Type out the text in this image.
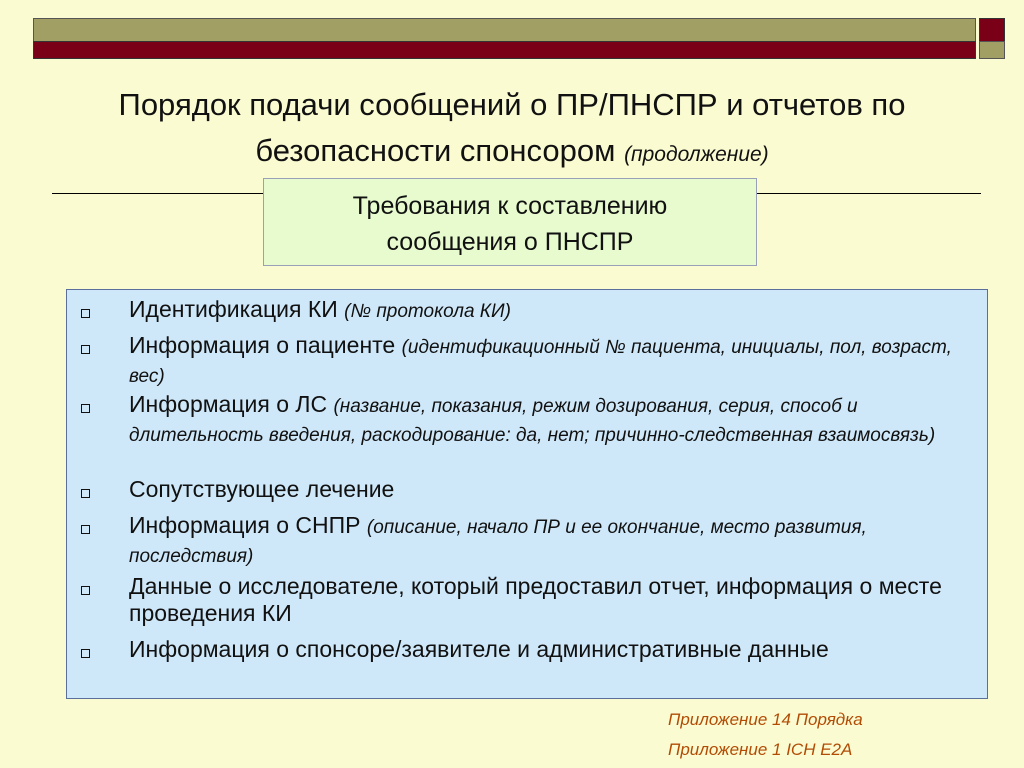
Порядок подачи сообщений о ПР/ПНСПР и отчетов по
безопасности спонсором (продолжение)
Требования к составлению
сообщения о ПНСПР
Идентификация КИ (№ протокола КИ)
Информация о пациенте (идентификационный № пациента, инициалы, пол, возраст, вес)
Информация о ЛС (название, показания, режим дозирования, серия, способ и длительность введения, раскодирование: да, нет; причинно-следственная взаимосвязь)
Сопутствующее лечение
Информация о СНПР (описание, начало ПР и ее окончание, место развития, последствия)
Данные о исследователе, который предоставил отчет, информация о месте проведения КИ
Информация о спонсоре/заявителе и административные данные
Приложение 14 Порядка
Приложение 1 ICH E2A
